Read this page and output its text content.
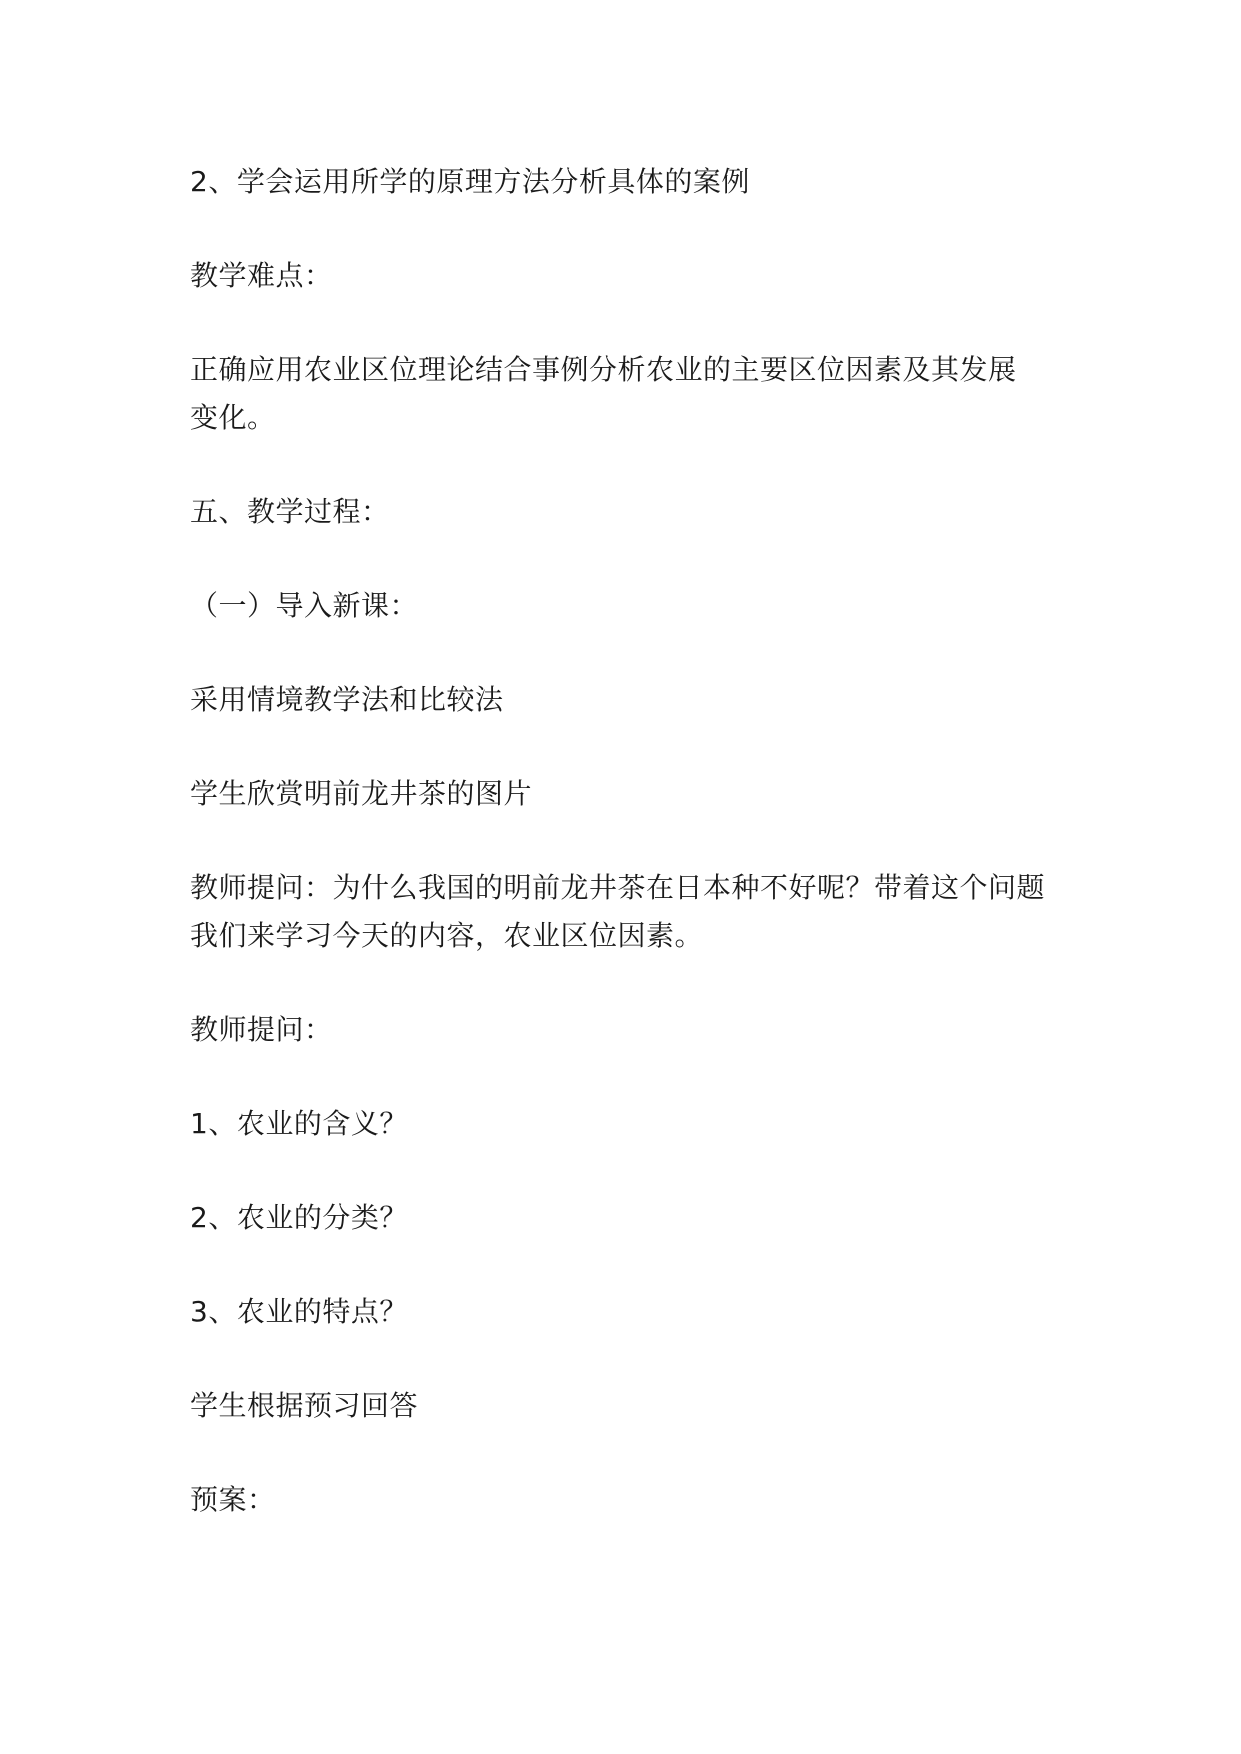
2、学会运用所学的原理方法分析具体的案例

教学难点：

正确应用农业区位理论结合事例分析农业的主要区位因素及其发展
变化。

五、教学过程：

（一）导入新课：

采用情境教学法和比较法

学生欣赏明前龙井茶的图片

教师提问：为什么我国的明前龙井茶在日本种不好呢？带着这个问题
我们来学习今天的内容，农业区位因素。

教师提问：

1、农业的含义？

2、农业的分类？

3、农业的特点？

学生根据预习回答

预案：
